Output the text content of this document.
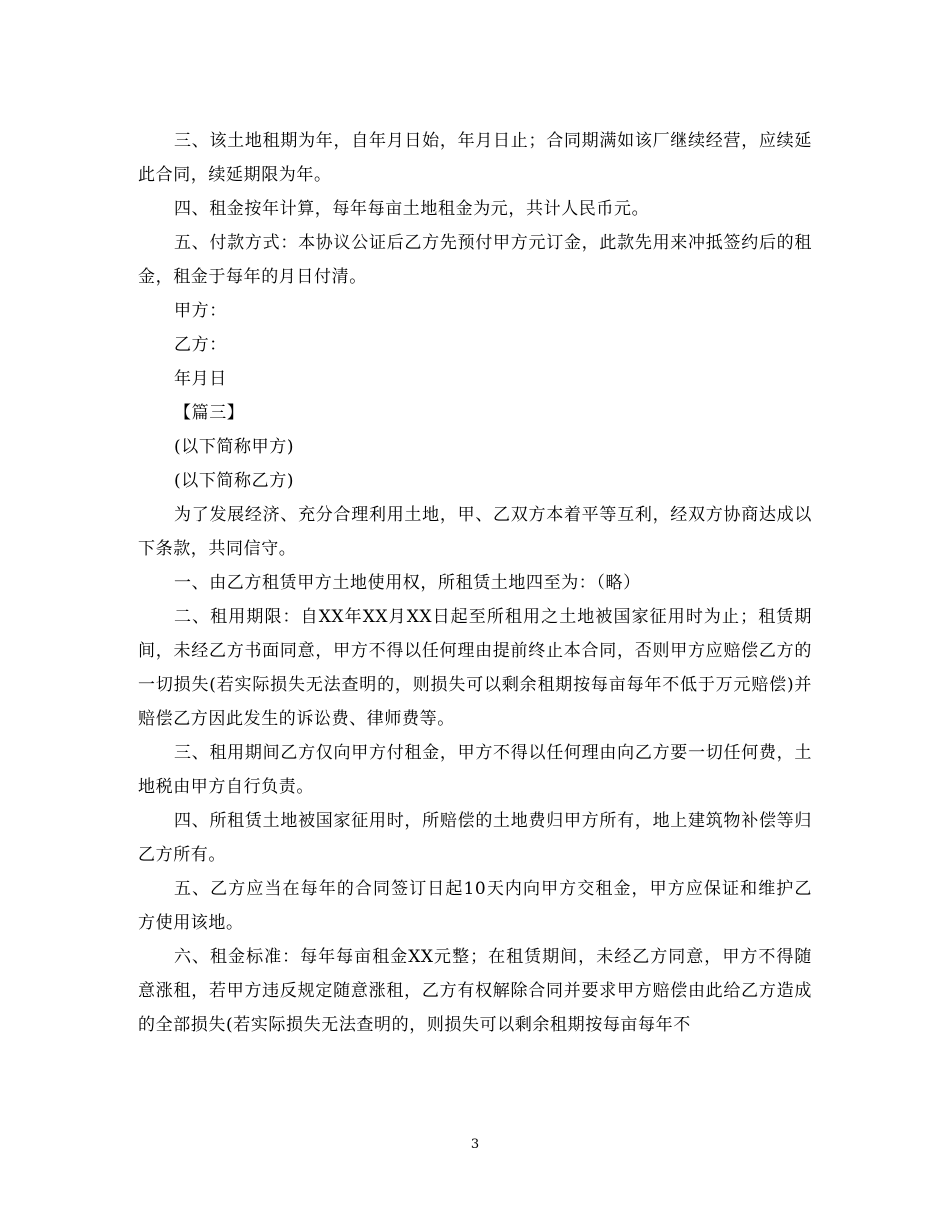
三、该土地租期为年，自年月日始，年月日止；合同期满如该厂继续经营，应续延此合同，续延期限为年。

四、租金按年计算，每年每亩土地租金为元，共计人民币元。

五、付款方式：本协议公证后乙方先预付甲方元订金，此款先用来冲抵签约后的租金，租金于每年的月日付清。

甲方：

乙方：

年月日

【篇三】

(以下简称甲方)

(以下简称乙方)

为了发展经济、充分合理利用土地，甲、乙双方本着平等互利，经双方协商达成以下条款，共同信守。

一、由乙方租赁甲方土地使用权，所租赁土地四至为：（略）

二、租用期限：自XX年XX月XX日起至所租用之土地被国家征用时为止；租赁期间，未经乙方书面同意，甲方不得以任何理由提前终止本合同，否则甲方应赔偿乙方的一切损失(若实际损失无法查明的，则损失可以剩余租期按每亩每年不低于万元赔偿)并赔偿乙方因此发生的诉讼费、律师费等。

三、租用期间乙方仅向甲方付租金，甲方不得以任何理由向乙方要一切任何费，土地税由甲方自行负责。

四、所租赁土地被国家征用时，所赔偿的土地费归甲方所有，地上建筑物补偿等归乙方所有。

五、乙方应当在每年的合同签订日起10天内向甲方交租金，甲方应保证和维护乙方使用该地。

六、租金标准：每年每亩租金XX元整；在租赁期间，未经乙方同意，甲方不得随意涨租，若甲方违反规定随意涨租，乙方有权解除合同并要求甲方赔偿由此给乙方造成的全部损失(若实际损失无法查明的，则损失可以剩余租期按每亩每年不

3
